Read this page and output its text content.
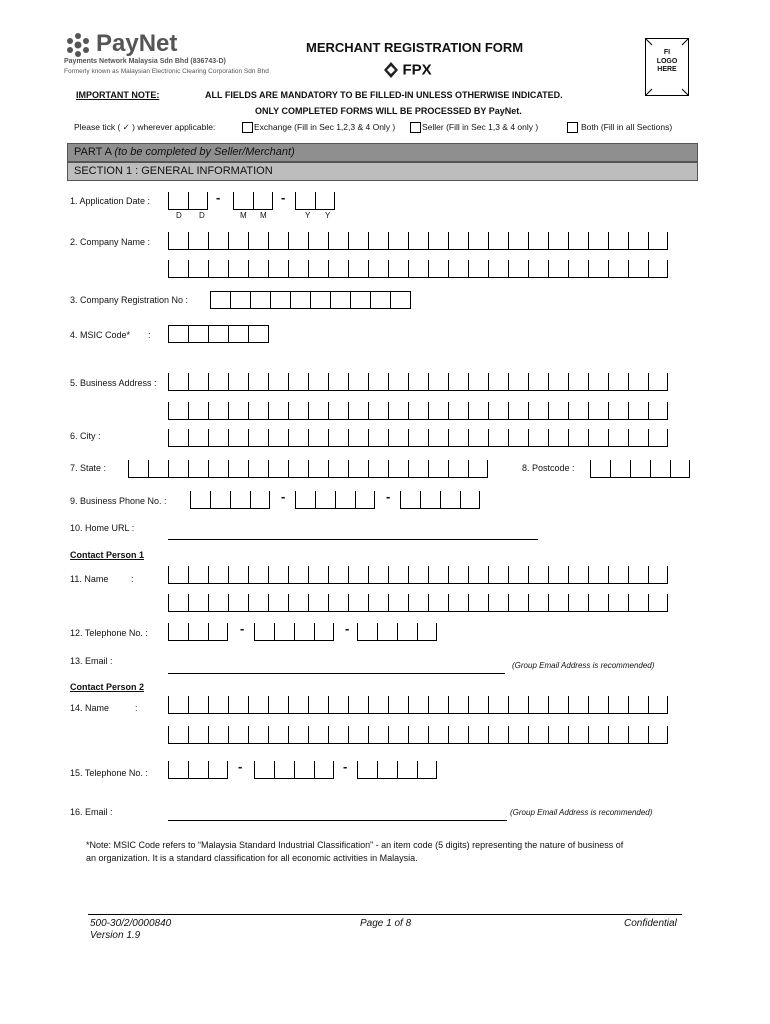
PayNet
Payments Network Malaysia Sdn Bhd (836743-D)
Formerly known as Malaysian Electronic Clearing Corporation Sdn Bhd
MERCHANT REGISTRATION FORM
FPX
FI
LOGO
HERE
IMPORTANT NOTE:	ALL FIELDS ARE MANDATORY TO BE FILLED-IN UNLESS OTHERWISE INDICATED.
ONLY COMPLETED FORMS WILL BE PROCESSED BY PayNet.
Please tick ( ✓ ) wherever applicable:	Exchange (Fill in Sec 1,2,3 & 4 Only )	Seller (Fill in Sec 1,3 & 4 only )	Both (Fill in all Sections)
PART A (to be completed by Seller/Merchant)
SECTION 1 : GENERAL INFORMATION
1. Application Date :	-	-
D D	M M	Y Y
2. Company Name :
3. Company Registration No :
4. MSIC Code* :
5. Business Address :
6. City :
7. State :	8. Postcode :
9. Business Phone No. :	-	-
10. Home URL :
Contact Person 1
11. Name	:
12. Telephone No. :	-	-
13. Email :	(Group Email Address is recommended)
Contact Person 2
14. Name	:
15. Telephone No. :	-	-
16. Email :	(Group Email Address is recommended)
*Note: MSIC Code refers to “Malaysia Standard Industrial Classification” - an item code (5 digits) representing the nature of business of
an organization. It is a standard classification for all economic activities in Malaysia.
500-30/2/0000840
Version 1.9
Page 1 of 8	Confidential
